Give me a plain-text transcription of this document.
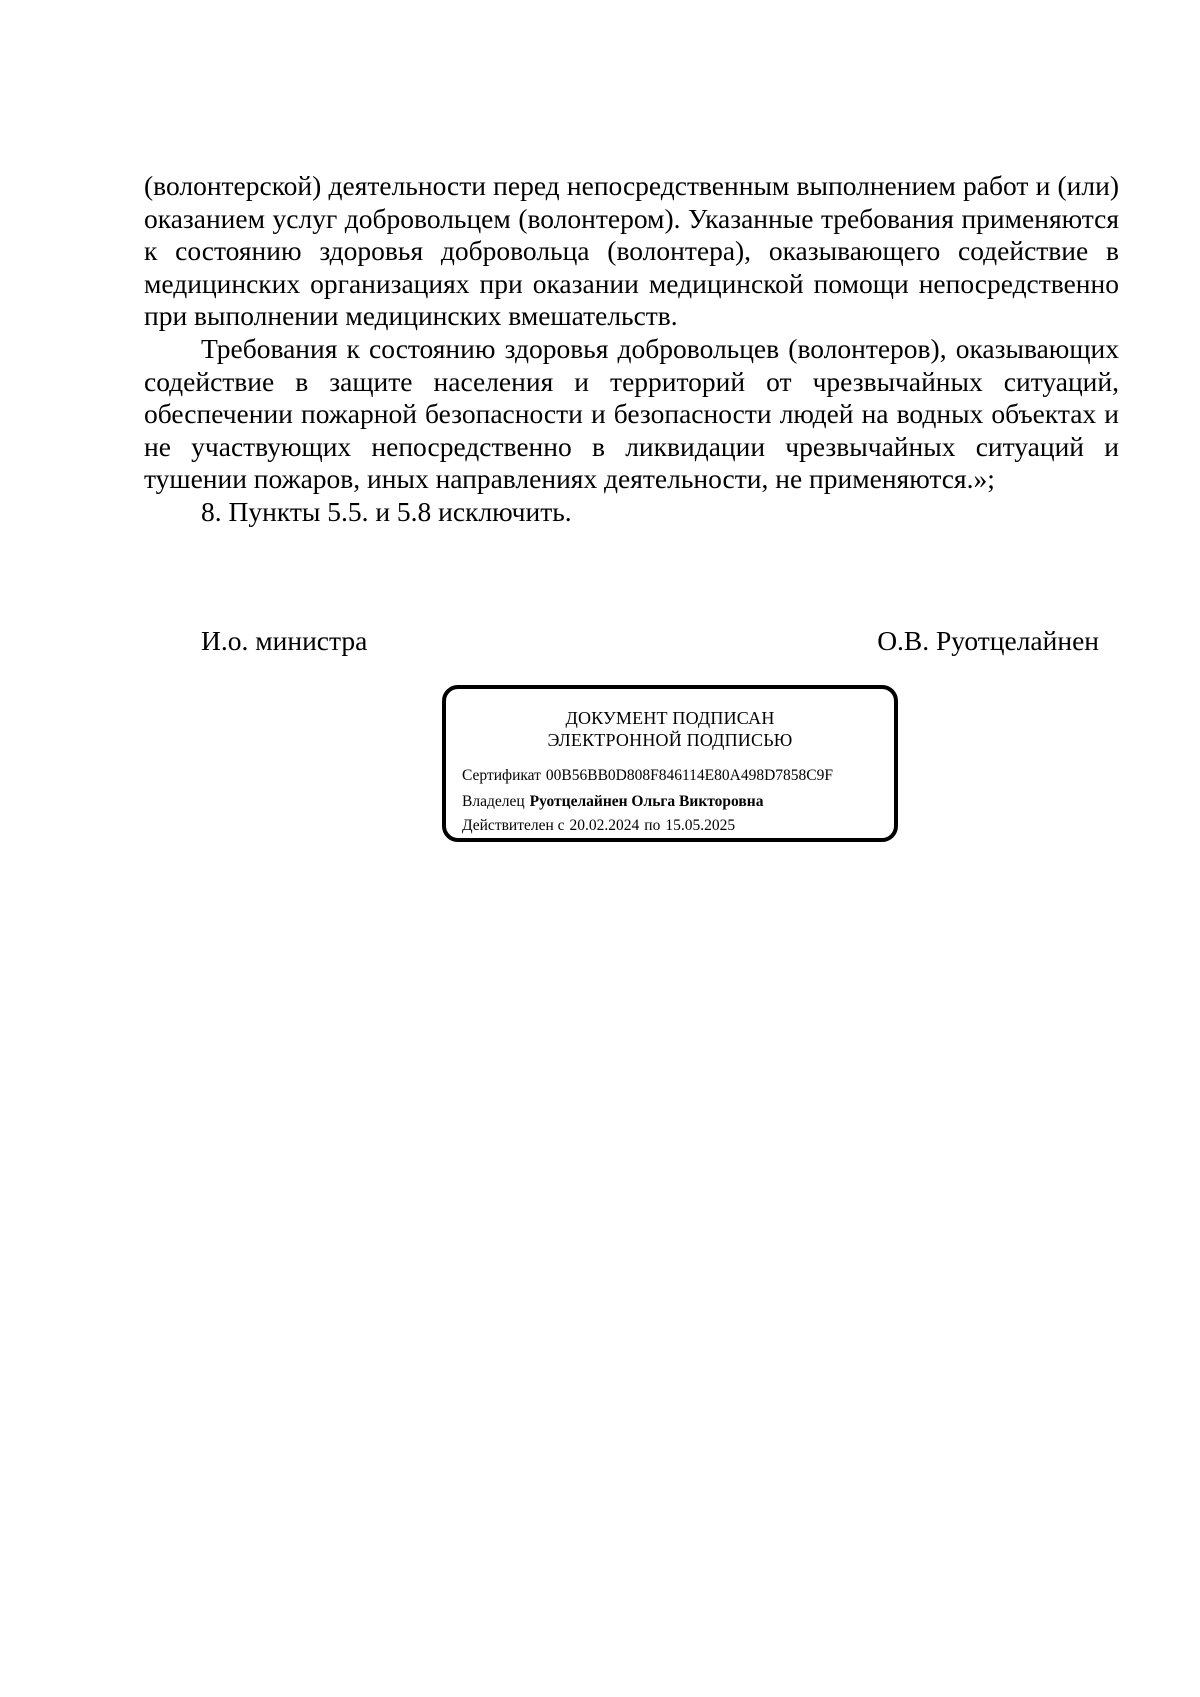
(волонтерской) деятельности перед непосредственным выполнением работ и (или) оказанием услуг добровольцем (волонтером). Указанные требования применяются к состоянию здоровья добровольца (волонтера), оказывающего содействие в медицинских организациях при оказании медицинской помощи непосредственно при выполнении медицинских вмешательств.

Требования к состоянию здоровья добровольцев (волонтеров), оказывающих содействие в защите населения и территорий от чрезвычайных ситуаций, обеспечении пожарной безопасности и безопасности людей на водных объектах и не участвующих непосредственно в ликвидации чрезвычайных ситуаций и тушении пожаров, иных направлениях деятельности, не применяются.»;

8. Пункты 5.5. и 5.8 исключить.

И.о. министра	О.В. Руотцелайнен
ДОКУМЕНТ ПОДПИСАН
ЭЛЕКТРОННОЙ ПОДПИСЬЮ
Сертификат 00B56BB0D808F846114E80A498D7858C9F
Владелец Руотцелайнен Ольга Викторовна
Действителен с 20.02.2024 по 15.05.2025
